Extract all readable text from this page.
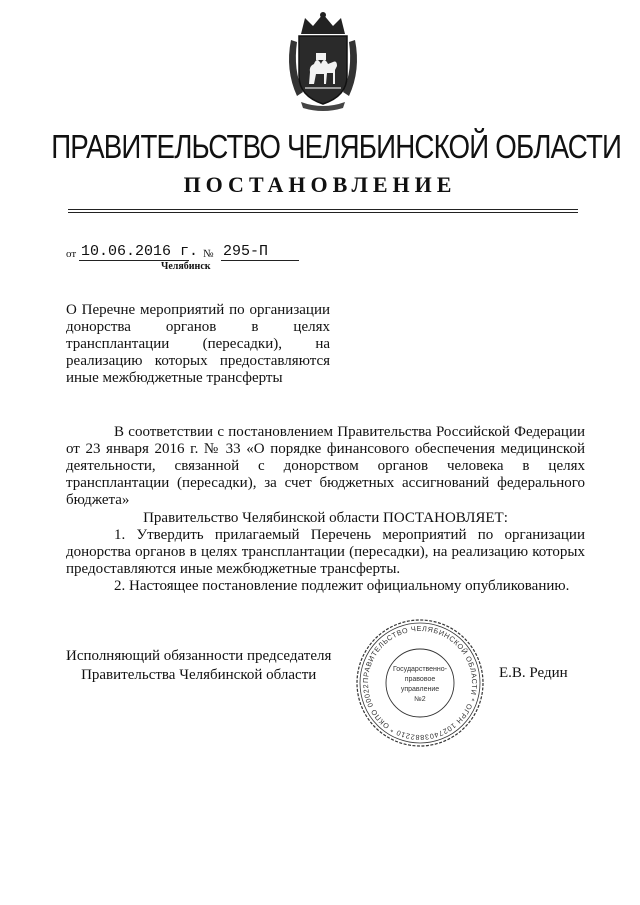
ПРАВИТЕЛЬСТВО ЧЕЛЯБИНСКОЙ ОБЛАСТИ
ПОСТАНОВЛЕНИЕ
от 10.06.2016 г. № 295-П
Челябинск
О Перечне мероприятий по организации донорства органов в целях трансплантации (пересадки), на реализацию которых предоставляются иные межбюджетные трансферты
В соответствии с постановлением Правительства Российской Федерации от 23 января 2016 г. № 33 «О порядке финансового обеспечения медицинской деятельности, связанной с донорством органов человека в целях трансплантации (пересадки), за счет бюджетных ассигнований федерального бюджета»
Правительство Челябинской области ПОСТАНОВЛЯЕТ:
1. Утвердить прилагаемый Перечень мероприятий по организации донорства органов в целях трансплантации (пересадки), на реализацию которых предоставляются иные межбюджетные трансферты.
2. Настоящее постановление подлежит официальному опубликованию.
Исполняющий обязанности председателя
Правительства Челябинской области	Е.В. Редин
ПРАВИТЕЛЬСТВО ЧЕЛЯБИНСКОЙ ОБЛАСТИ * ОГРН 1027403882210 * ОКПО 00022
Государственно-
правовое
управление
№2
